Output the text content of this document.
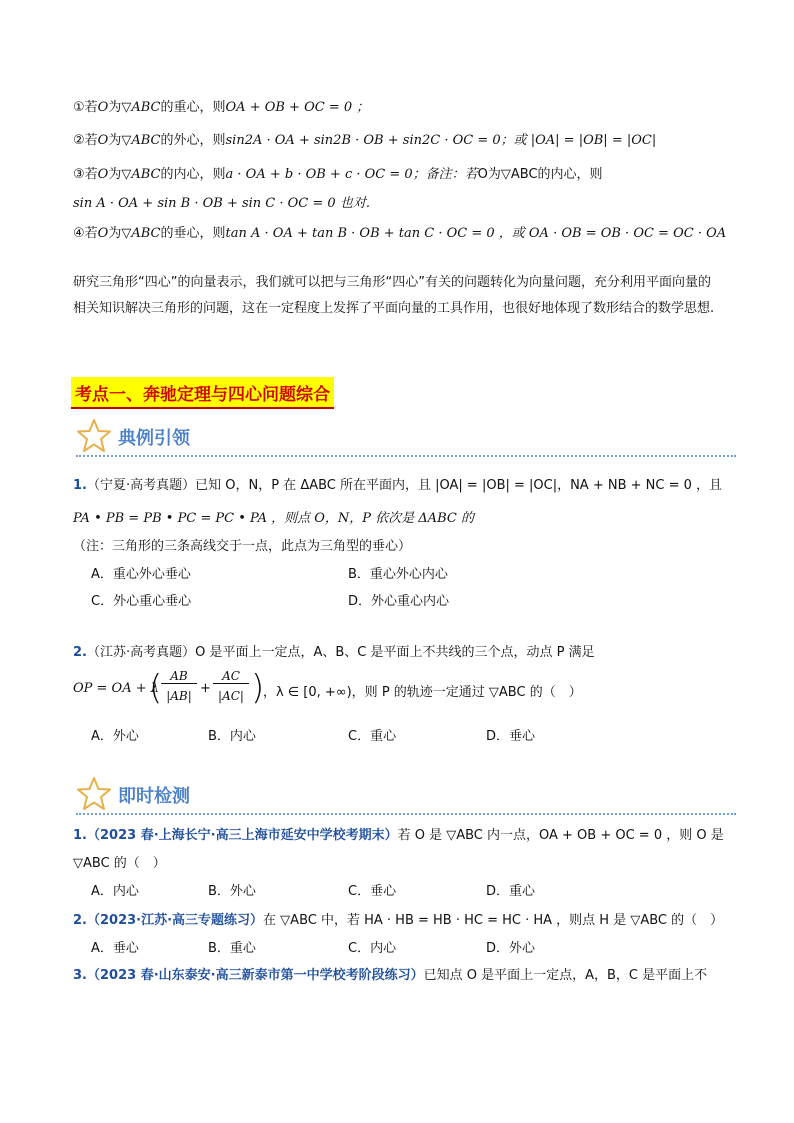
①若O为▽ABC的重心，则OA + OB + OC = 0 ；
②若O为▽ABC的外心，则sin2A · OA + sin2B · OB + sin2C · OC = 0；或 |OA| = |OB| = |OC|
③若O为▽ABC的内心，则a · OA + b · OB + c · OC = 0；备注：若O为▽ABC的内心，则
sin A · OA + sin B · OB + sin C · OC = 0 也对.
④若O为▽ABC的垂心，则tan A · OA + tan B · OB + tan C · OC = 0 ，或 OA · OB = OB · OC = OC · OA
研究三角形“四心”的向量表示，我们就可以把与三角形“四心”有关的问题转化为向量问题，充分利用平面向量的相关知识解决三角形的问题，这在一定程度上发挥了平面向量的工具作用，也很好地体现了数形结合的数学思想.
考点一、奔驰定理与四心问题综合
典例引领
1.（宁夏·高考真题）已知 O，N，P 在 ΔABC 所在平面内，且 |OA| = |OB| = |OC|，NA + NB + NC = 0 ，且
PA • PB = PB • PC = PC • PA ，则点 O，N，P 依次是 ΔABC 的
（注：三角形的三条高线交于一点，此点为三角型的垂心）
A．重心外心垂心	B．重心外心内心
C．外心重心垂心	D．外心重心内心
2.（江苏·高考真题）O 是平面上一定点，A、B、C 是平面上不共线的三个点，动点 P 满足
OP = OA + λ
( AB
|AB| +
AC
|AC| )
，λ ∈ [0, +∞)，则 P 的轨迹一定通过 ▽ABC 的（　）
A．外心	B．内心	C．重心	D．垂心
即时检测
1.（2023 春·上海长宁·高三上海市延安中学校考期末）若 O 是 ▽ABC 内一点，OA + OB + OC = 0 ，则 O 是
▽ABC 的（　）
A．内心	B．外心	C．垂心	D．重心
2.（2023·江苏·高三专题练习）在 ▽ABC 中，若 HA · HB = HB · HC = HC · HA ，则点 H 是 ▽ABC 的（　）
A．垂心	B．重心	C．内心	D．外心
3.（2023 春·山东泰安·高三新泰市第一中学校考阶段练习）已知点 O 是平面上一定点，A，B，C 是平面上不
